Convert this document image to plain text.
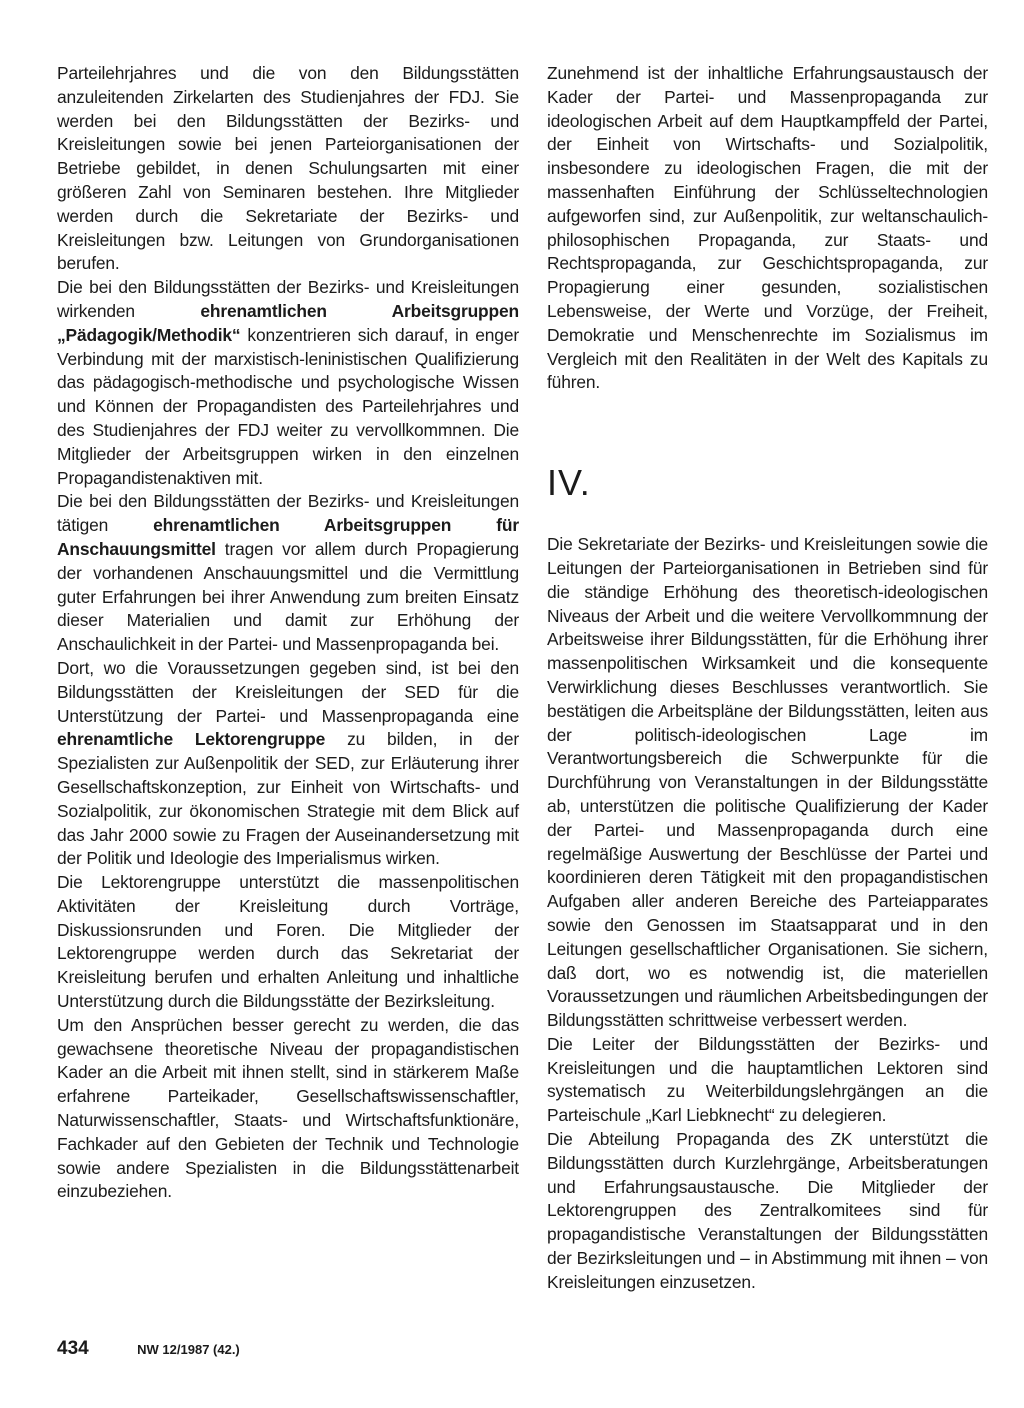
Parteilehrjahres und die von den Bildungsstätten anzuleitenden Zirkelarten des Studienjahres der FDJ. Sie werden bei den Bildungsstätten der Bezirks- und Kreisleitungen sowie bei jenen Parteiorganisationen der Betriebe gebildet, in denen Schulungsarten mit einer größeren Zahl von Seminaren bestehen. Ihre Mitglieder werden durch die Sekretariate der Bezirks- und Kreisleitungen bzw. Leitungen von Grundorganisationen berufen.

Die bei den Bildungsstätten der Bezirks- und Kreisleitungen wirkenden ehrenamtlichen Arbeitsgruppen „Pädagogik/Methodik“ konzentrieren sich darauf, in enger Verbindung mit der marxistisch-leninistischen Qualifizierung das pädagogisch-methodische und psychologische Wissen und Können der Propagandisten des Parteilehrjahres und des Studienjahres der FDJ weiter zu vervollkommnen. Die Mitglieder der Arbeitsgruppen wirken in den einzelnen Propagandistenaktiven mit.

Die bei den Bildungsstätten der Bezirks- und Kreisleitungen tätigen ehrenamtlichen Arbeitsgruppen für Anschauungsmittel tragen vor allem durch Propagierung der vorhandenen Anschauungsmittel und die Vermittlung guter Erfahrungen bei ihrer Anwendung zum breiten Einsatz dieser Materialien und damit zur Erhöhung der Anschaulichkeit in der Partei- und Massenpropaganda bei.

Dort, wo die Voraussetzungen gegeben sind, ist bei den Bildungsstätten der Kreisleitungen der SED für die Unterstützung der Partei- und Massenpropaganda eine ehrenamtliche Lektorengruppe zu bilden, in der Spezialisten zur Außenpolitik der SED, zur Erläuterung ihrer Gesellschaftskonzeption, zur Einheit von Wirtschafts- und Sozialpolitik, zur ökonomischen Strategie mit dem Blick auf das Jahr 2000 sowie zu Fragen der Auseinandersetzung mit der Politik und Ideologie des Imperialismus wirken.

Die Lektorengruppe unterstützt die massenpolitischen Aktivitäten der Kreisleitung durch Vorträge, Diskussionsrunden und Foren. Die Mitglieder der Lektorengruppe werden durch das Sekretariat der Kreisleitung berufen und erhalten Anleitung und inhaltliche Unterstützung durch die Bildungsstätte der Bezirksleitung.

Um den Ansprüchen besser gerecht zu werden, die das gewachsene theoretische Niveau der propagandistischen Kader an die Arbeit mit ihnen stellt, sind in stärkerem Maße erfahrene Parteikader, Gesellschaftswissenschaftler, Naturwissenschaftler, Staats- und Wirtschaftsfunktionäre, Fachkader auf den Gebieten der Technik und Technologie sowie andere Spezialisten in die Bildungsstättenarbeit einzubeziehen.

Zunehmend ist der inhaltliche Erfahrungsaustausch der Kader der Partei- und Massenpropaganda zur ideologischen Arbeit auf dem Hauptkampffeld der Partei, der Einheit von Wirtschafts- und Sozialpolitik, insbesondere zu ideologischen Fragen, die mit der massenhaften Einführung der Schlüsseltechnologien aufgeworfen sind, zur Außenpolitik, zur weltanschaulich-philosophischen Propaganda, zur Staats- und Rechtspropaganda, zur Geschichtspropaganda, zur Propagierung einer gesunden, sozialistischen Lebensweise, der Werte und Vorzüge, der Freiheit, Demokratie und Menschenrechte im Sozialismus im Vergleich mit den Realitäten in der Welt des Kapitals zu führen.

IV.

Die Sekretariate der Bezirks- und Kreisleitungen sowie die Leitungen der Parteiorganisationen in Betrieben sind für die ständige Erhöhung des theoretisch-ideologischen Niveaus der Arbeit und die weitere Vervollkommnung der Arbeitsweise ihrer Bildungsstätten, für die Erhöhung ihrer massenpolitischen Wirksamkeit und die konsequente Verwirklichung dieses Beschlusses verantwortlich. Sie bestätigen die Arbeitspläne der Bildungsstätten, leiten aus der politisch-ideologischen Lage im Verantwortungsbereich die Schwerpunkte für die Durchführung von Veranstaltungen in der Bildungsstätte ab, unterstützen die politische Qualifizierung der Kader der Partei- und Massenpropaganda durch eine regelmäßige Auswertung der Beschlüsse der Partei und koordinieren deren Tätigkeit mit den propagandistischen Aufgaben aller anderen Bereiche des Parteiapparates sowie den Genossen im Staatsapparat und in den Leitungen gesellschaftlicher Organisationen. Sie sichern, daß dort, wo es notwendig ist, die materiellen Voraussetzungen und räumlichen Arbeitsbedingungen der Bildungsstätten schrittweise verbessert werden.

Die Leiter der Bildungsstätten der Bezirks- und Kreisleitungen und die hauptamtlichen Lektoren sind systematisch zu Weiterbildungslehrgängen an die Parteischule „Karl Liebknecht“ zu delegieren.

Die Abteilung Propaganda des ZK unterstützt die Bildungsstätten durch Kurzlehrgänge, Arbeitsberatungen und Erfahrungsaustausche. Die Mitglieder der Lektorengruppen des Zentralkomitees sind für propagandistische Veranstaltungen der Bildungsstätten der Bezirksleitungen und – in Abstimmung mit ihnen – von Kreisleitungen einzusetzen.

434	NW 12/1987 (42.)
